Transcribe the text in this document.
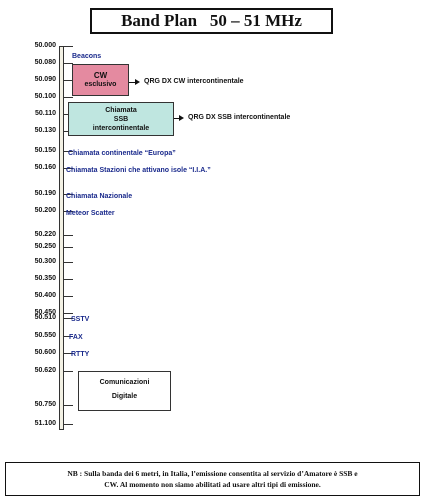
Band Plan   50 – 51 MHz
50.000
50.080
50.090
50.100
50.110
50.130
50.150
50.160
50.190
50.200
50.220
50.250
50.300
50.350
50.400
50.450
50.510
50.550
50.600
50.620
50.750
51.100
Beacons
CW
esclusivo	QRG DX CW intercontinentale
Chiamata
SSB
intercontinentale
QRG DX SSB intercontinentale
Chiamata continentale “Europa”
Chiamata Stazioni che attivano isole “I.I.A.”
Chiamata Nazionale
Meteor Scatter
SSTV
FAX
RTTY
Comunicazioni
Digitale
NB : Sulla banda dei 6 metri, in Italia, l’emissione consentita al servizio d’Amatore è SSB e
CW. Al momento non siamo abilitati ad usare altri tipi di emissione.
